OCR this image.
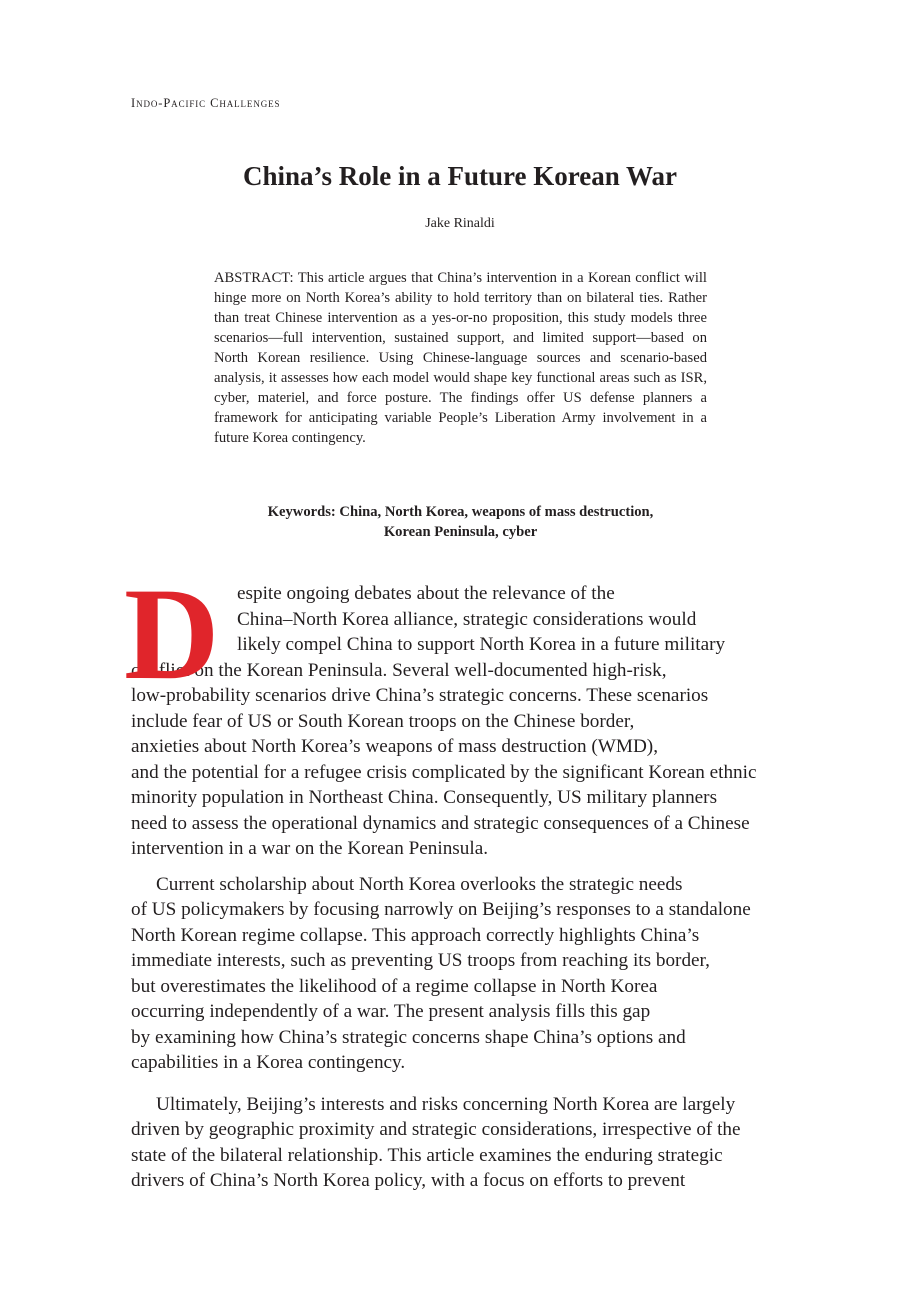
Indo-Pacific Challenges

China’s Role in a Future Korean War

Jake Rinaldi

ABSTRACT: This article argues that China’s intervention in a Korean conflict will hinge more on North Korea’s ability to hold territory than on bilateral ties. Rather than treat Chinese intervention as a yes-or-no proposition, this study models three scenarios—full intervention, sustained support, and limited support—based on North Korean resilience. Using Chinese-language sources and scenario-based analysis, it assesses how each model would shape key functional areas such as ISR, cyber, materiel, and force posture. The findings offer US defense planners a framework for anticipating variable People’s Liberation Army involvement in a future Korea contingency.

Keywords: China, North Korea, weapons of mass destruction,
Korean Peninsula, cyber
D espite ongoing debates about the relevance of the
China–North Korea alliance, strategic considerations would
likely compel China to support North Korea in a future military
conflict on the Korean Peninsula. Several well-documented high-risk,
low-probability scenarios drive China’s strategic concerns. These scenarios
include fear of US or South Korean troops on the Chinese border,
anxieties about North Korea’s weapons of mass destruction (WMD),
and the potential for a refugee crisis complicated by the significant Korean ethnic
minority population in Northeast China. Consequently, US military planners
need to assess the operational dynamics and strategic consequences of a Chinese
intervention in a war on the Korean Peninsula.
Current scholarship about North Korea overlooks the strategic needs
of US policymakers by focusing narrowly on Beijing’s responses to a standalone
North Korean regime collapse. This approach correctly highlights China’s
immediate interests, such as preventing US troops from reaching its border,
but overestimates the likelihood of a regime collapse in North Korea
occurring independently of a war. The present analysis fills this gap
by examining how China’s strategic concerns shape China’s options and
capabilities in a Korea contingency.
Ultimately, Beijing’s interests and risks concerning North Korea are largely
driven by geographic proximity and strategic considerations, irrespective of the
state of the bilateral relationship. This article examines the enduring strategic
drivers of China’s North Korea policy, with a focus on efforts to prevent
